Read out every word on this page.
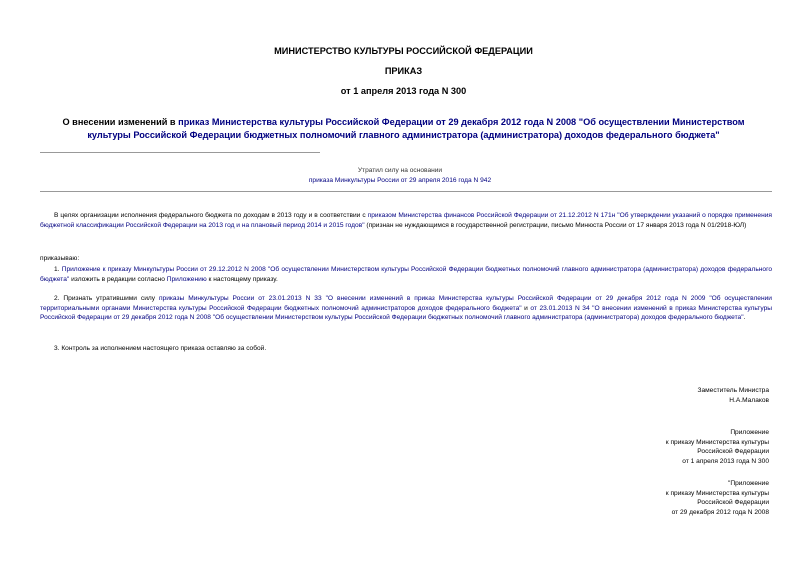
МИНИСТЕРСТВО КУЛЬТУРЫ РОССИЙСКОЙ ФЕДЕРАЦИИ
ПРИКАЗ
от 1 апреля 2013 года N 300
О внесении изменений в приказ Министерства культуры Российской Федерации от 29 декабря 2012 года N 2008 "Об осуществлении Министерством культуры Российской Федерации бюджетных полномочий главного администратора (администратора) доходов федерального бюджета"
Утратил силу на основании
приказа Минкультуры России от 29 апреля 2016 года N 942
В целях организации исполнения федерального бюджета по доходам в 2013 году и в соответствии с приказом Министерства финансов Российской Федерации от 21.12.2012 N 171н "Об утверждении указаний о порядке применения бюджетной классификации Российской Федерации на 2013 год и на плановый период 2014 и 2015 годов" (признан не нуждающимся в государственной регистрации, письмо Минюста России от 17 января 2013 года N 01/2918-ЮЛ)
приказываю:
1. Приложение к приказу Минкультуры России от 29.12.2012 N 2008 "Об осуществлении Министерством культуры Российской Федерации бюджетных полномочий главного администратора (администратора) доходов федерального бюджета" изложить в редакции согласно Приложению к настоящему приказу.
2. Признать утратившими силу приказы Минкультуры России от 23.01.2013 N 33 "О внесении изменений в приказ Министерства культуры Российской Федерации от 29 декабря 2012 года N 2009 "Об осуществлении территориальными органами Министерства культуры Российской Федерации бюджетных полномочий администраторов доходов федерального бюджета" и от 23.01.2013 N 34 "О внесении изменений в приказ Министерства культуры Российской Федерации от 29 декабря 2012 года N 2008 "Об осуществлении Министерством культуры Российской Федерации бюджетных полномочий главного администратора (администратора) доходов федерального бюджета".
3. Контроль за исполнением настоящего приказа оставляю за собой.
Заместитель Министра
Н.А.Малаков
Приложение
к приказу Министерства культуры
Российской Федерации
от 1 апреля 2013 года N 300
"Приложение
к приказу Министерства культуры
Российской Федерации
от 29 декабря 2012 года N 2008
